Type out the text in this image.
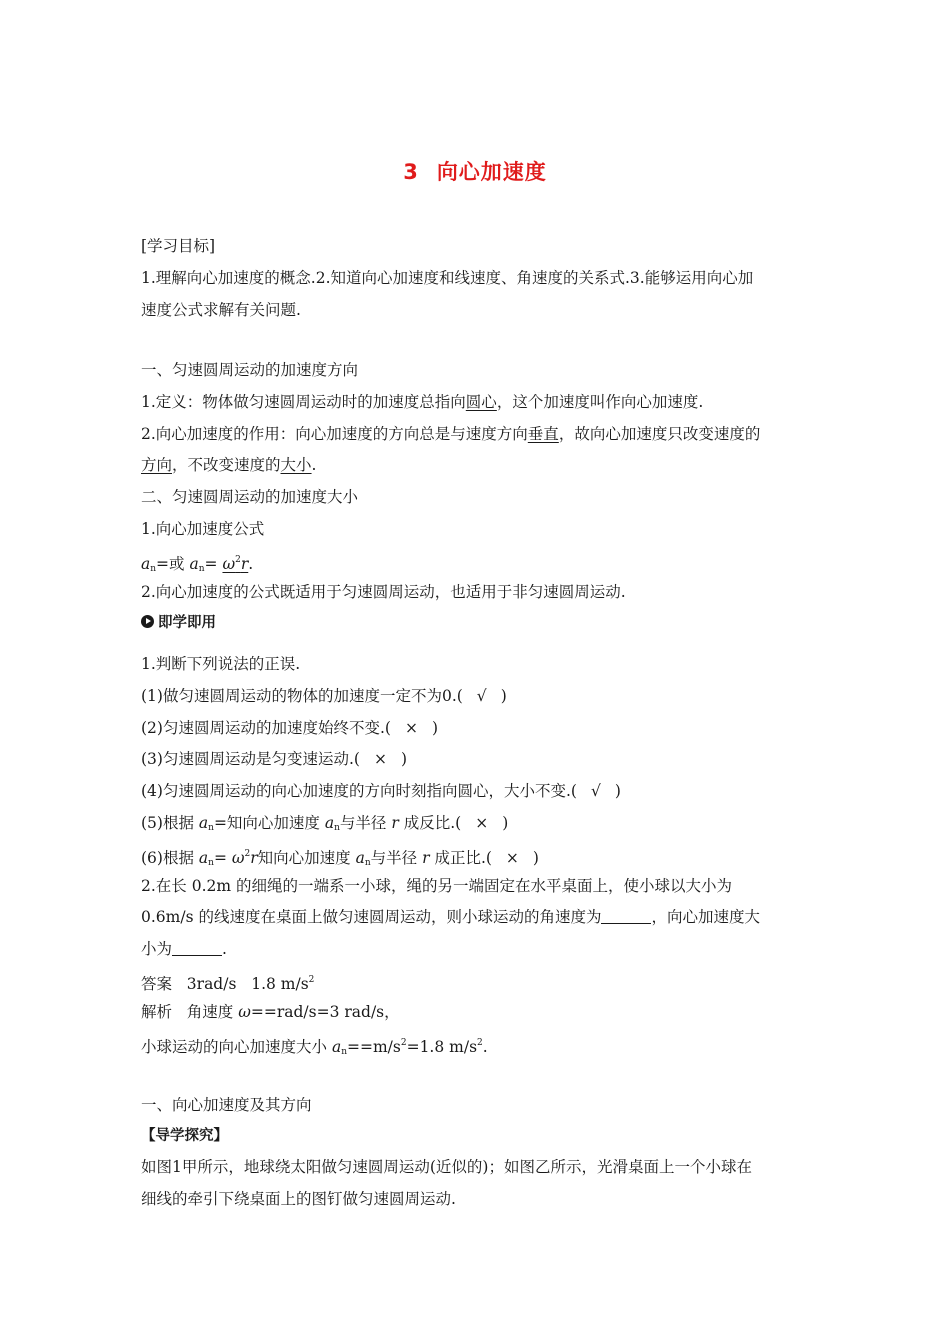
3 向心加速度
[学习目标]
1.理解向心加速度的概念.2.知道向心加速度和线速度、角速度的关系式.3.能够运用向心加
速度公式求解有关问题.
一、匀速圆周运动的加速度方向
1.定义：物体做匀速圆周运动时的加速度总指向圆心，这个加速度叫作向心加速度.
2.向心加速度的作用：向心加速度的方向总是与速度方向垂直，故向心加速度只改变速度的
方向，不改变速度的大小.
二、匀速圆周运动的加速度大小
1.向心加速度公式
$a_n=$或 $a_n= \omega^2r$.
2.向心加速度的公式既适用于匀速圆周运动，也适用于非匀速圆周运动.
即学即用
1.判断下列说法的正误.
(1)做匀速圆周运动的物体的加速度一定不为0.( √ )
(2)匀速圆周运动的加速度始终不变.( × )
(3)匀速圆周运动是匀变速运动.( × )
(4)匀速圆周运动的向心加速度的方向时刻指向圆心，大小不变.( √ )
(5)根据 $a_n=$知向心加速度 $a_n$与半径 r 成反比.( × )
(6)根据 $a_n= \omega^2r$知向心加速度 $a_n$与半径 r 成正比.( × )
2.在长 0.2m 的细绳的一端系一小球，绳的另一端固定在水平桌面上，使小球以大小为
0.6m/s 的线速度在桌面上做匀速圆周运动，则小球运动的角速度为	，向心加速度大
小为	.
答案 3rad/s 1.8 $m/s^2$
解析 角速度 ω==rad/s=3 rad/s，
小球运动的向心加速度大小 $a_n==m/s^2=1.8$ $m/s^2$.
一、向心加速度及其方向
【导学探究】
如图1甲所示，地球绕太阳做匀速圆周运动(近似的)；如图乙所示，光滑桌面上一个小球在
细线的牵引下绕桌面上的图钉做匀速圆周运动.
